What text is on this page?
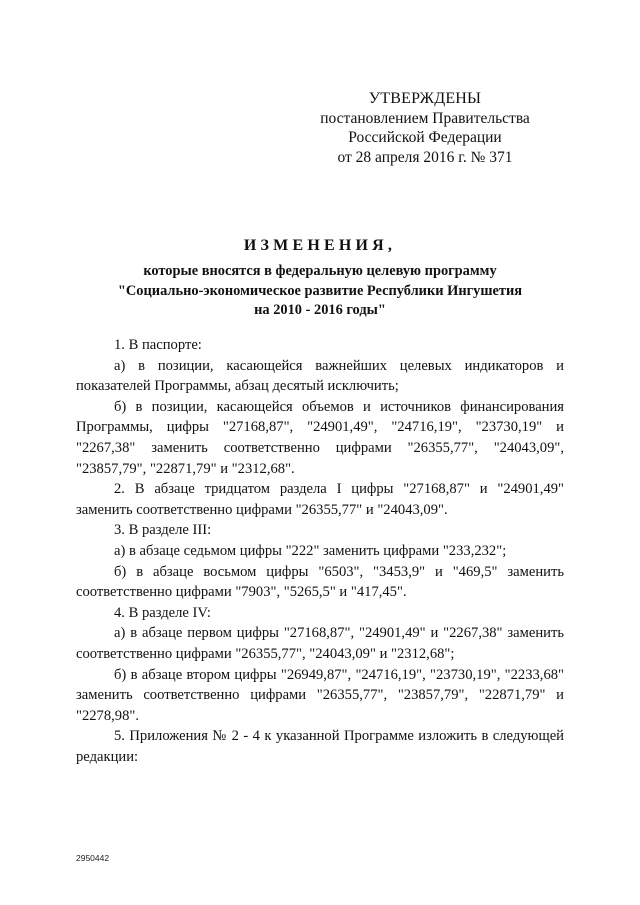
УТВЕРЖДЕНЫ
постановлением Правительства
Российской Федерации
от 28 апреля 2016 г. № 371
ИЗМЕНЕНИЯ,
которые вносятся в федеральную целевую программу
"Социально-экономическое развитие Республики Ингушетия
на 2010 - 2016 годы"

1. В паспорте:

а) в позиции, касающейся важнейших целевых индикаторов и показателей Программы, абзац десятый исключить;

б) в позиции, касающейся объемов и источников финансирования Программы, цифры "27168,87", "24901,49", "24716,19", "23730,19" и "2267,38" заменить соответственно цифрами "26355,77", "24043,09", "23857,79", "22871,79" и "2312,68".

2. В абзаце тридцатом раздела I цифры "27168,87" и "24901,49" заменить соответственно цифрами "26355,77" и "24043,09".

3. В разделе III:

а) в абзаце седьмом цифры "222" заменить цифрами "233,232";

б) в абзаце восьмом цифры "6503", "3453,9" и "469,5" заменить соответственно цифрами "7903", "5265,5" и "417,45".

4. В разделе IV:

а) в абзаце первом цифры "27168,87", "24901,49" и "2267,38" заменить соответственно цифрами "26355,77", "24043,09" и "2312,68";

б) в абзаце втором цифры "26949,87", "24716,19", "23730,19", "2233,68" заменить соответственно цифрами "26355,77", "23857,79", "22871,79" и "2278,98".

5. Приложения № 2 - 4 к указанной Программе изложить в следующей редакции:

2950442
